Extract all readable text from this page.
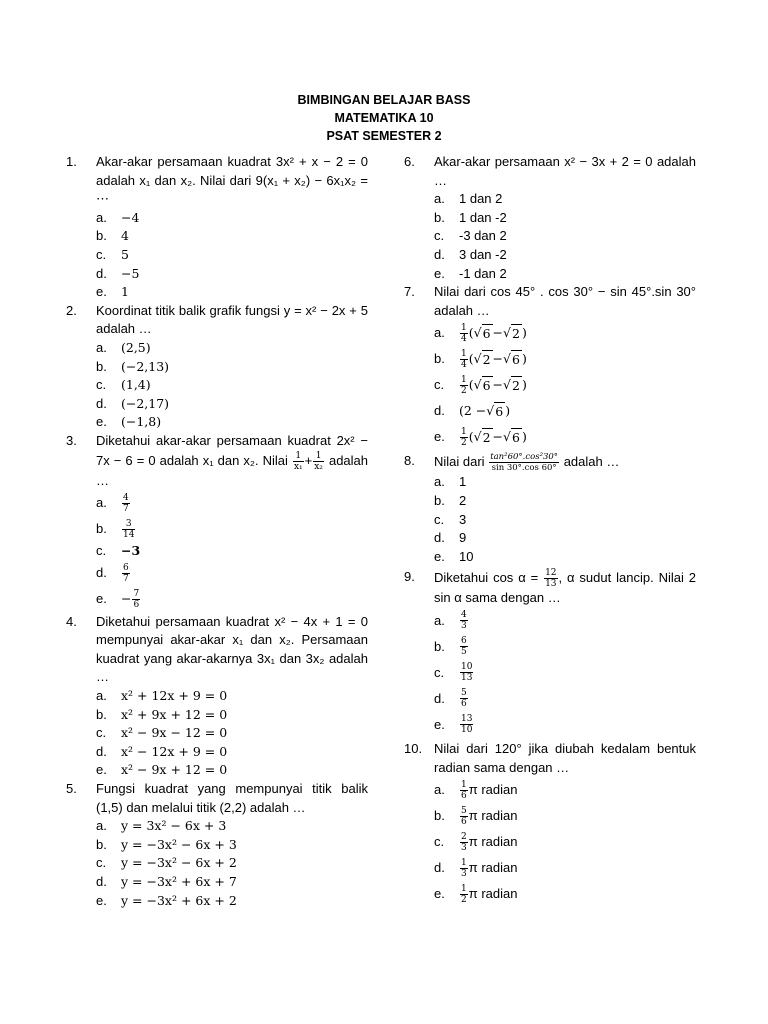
BIMBINGAN BELAJAR BASS
MATEMATIKA 10
PSAT SEMESTER 2
1.	Akar-akar persamaan kuadrat 3x² + x − 2 = 0 adalah x₁ dan x₂. Nilai dari 9(x₁ + x₂) − 6x₁x₂ = ⋯
a.	−4
b.	4
c.	5
d.	−5
e.	1
2.	Koordinat titik balik grafik fungsi y = x² − 2x + 5 adalah …
a.	(2,5)
b.	(−2,13)
c.	(1,4)
d.	(−2,17)
e.	(−1,8)
3.	Diketahui akar-akar persamaan kuadrat 2x² − 7x − 6 = 0 adalah x₁ dan x₂. Nilai $\frac{1}{\text{x₁}} + \frac{1}{\text{x₂}}$ adalah …
a.	$\frac{4}{7}$
b.	$\frac{3}{14}$
c.	−3
d.	$\frac{6}{7}$
e.	− $\frac{7}{6}$
4.	Diketahui persamaan kuadrat x² − 4x + 1 = 0 mempunyai akar-akar x₁ dan x₂. Persamaan kuadrat yang akar-akarnya 3x₁ dan 3x₂ adalah …
a.	x² + 12x + 9 = 0
b.	x² + 9x + 12 = 0
c.	x² − 9x − 12 = 0
d.	x² − 12x + 9 = 0
e.	x² − 9x + 12 = 0
5.	Fungsi kuadrat yang mempunyai titik balik (1,5) dan melalui titik (2,2) adalah …
a.	y = 3x² − 6x + 3
b.	y = −3x² − 6x + 3
c.	y = −3x² − 6x + 2
d.	y = −3x² + 6x + 7
e.	y = −3x² + 6x + 2
6.	Akar-akar persamaan x² − 3x + 2 = 0 adalah …
a.	1 dan 2
b.	1 dan -2
c.	-3 dan 2
d.	3 dan -2
e.	-1 dan 2
7.	Nilai dari cos 45° . cos 30° − sin 45°.sin 30° adalah …
a.	$\frac{1}{4}$ ( √ 6 − √ 2 )
b.	$\frac{1}{4}$ ( √ 2 − √ 6 )
c.	$\frac{1}{2}$ ( √ 6 − √ 2 )
d.	(2 − √ 6 )
e.	$\frac{1}{2}$ ( √ 2 − √ 6 )
8.	Nilai dari $\frac{\text{tan²60°.cos²30°}}{\sin 30^\circ.\cos 60^\circ}$ adalah …
a.	1
b.	2
c.	3
d.	9
e.	10
9.	Diketahui $\cos \alpha = \frac{12}{13}$ , α sudut lancip. Nilai 2 sin α sama dengan …
a.	$\frac{4}{3}$
b.	$\frac{6}{5}$
c.	$\frac{10}{13}$
d.	$\frac{5}{6}$
e.	$\frac{13}{10}$
10. Nilai dari 120° jika diubah kedalam bentuk radian sama dengan …
a.	$\frac{1}{6}$ π radian
b.	$\frac{5}{6}$ π radian
c.	$\frac{2}{3}$ π radian
d.	$\frac{1}{3}$ π radian
e.	$\frac{1}{2}$ π radian
